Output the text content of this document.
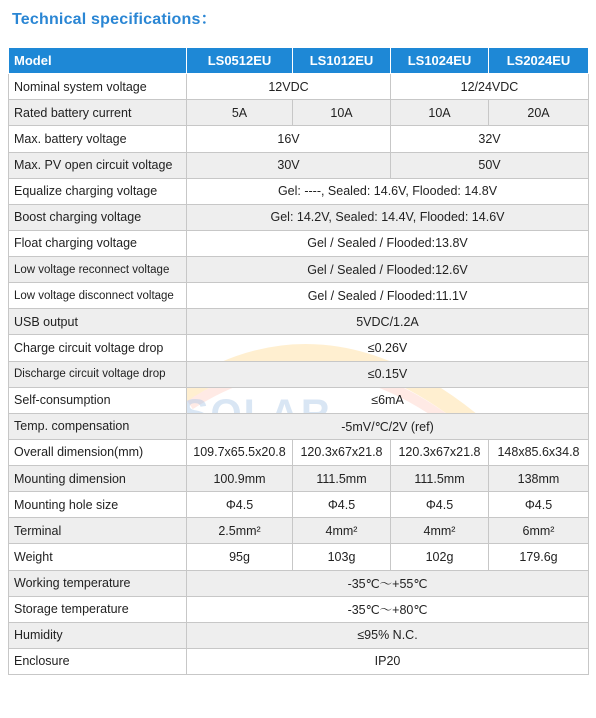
Technical specifications：
Model	LS0512EU	LS1012EU	LS1024EU	LS2024EU
Nominal system voltage	12VDC		12/24VDC	
Rated battery current	5A	10A	10A	20A
Max. battery voltage	16V		32V	
Max. PV open circuit voltage	30V		50V	
Equalize charging voltage	Gel: ----, Sealed: 14.6V, Flooded: 14.8V			
Boost charging voltage	Gel: 14.2V, Sealed: 14.4V, Flooded: 14.6V			
Float charging voltage	Gel / Sealed / Flooded:13.8V			
Low voltage reconnect voltage	Gel / Sealed / Flooded:12.6V			
Low voltage disconnect voltage	Gel / Sealed / Flooded:11.1V			
USB output	5VDC/1.2A			
Charge circuit voltage drop	≤0.26V			
Discharge circuit voltage drop	≤0.15V			
Self-consumption	≤6mA			
Temp. compensation	-5mV/℃/2V (ref)			
Overall dimension(mm)	109.7x65.5x20.8	120.3x67x21.8	120.3x67x21.8	148x85.6x34.8
Mounting dimension	100.9mm	111.5mm	111.5mm	138mm
Mounting hole size	Φ4.5	Φ4.5	Φ4.5	Φ4.5
Terminal	2.5mm²	4mm²	4mm²	6mm²
Weight	95g	103g	102g	179.6g
Working temperature	-35℃～+55℃			
Storage temperature	-35℃～+80℃			
Humidity	≤95% N.C.			
Enclosure	IP20			
